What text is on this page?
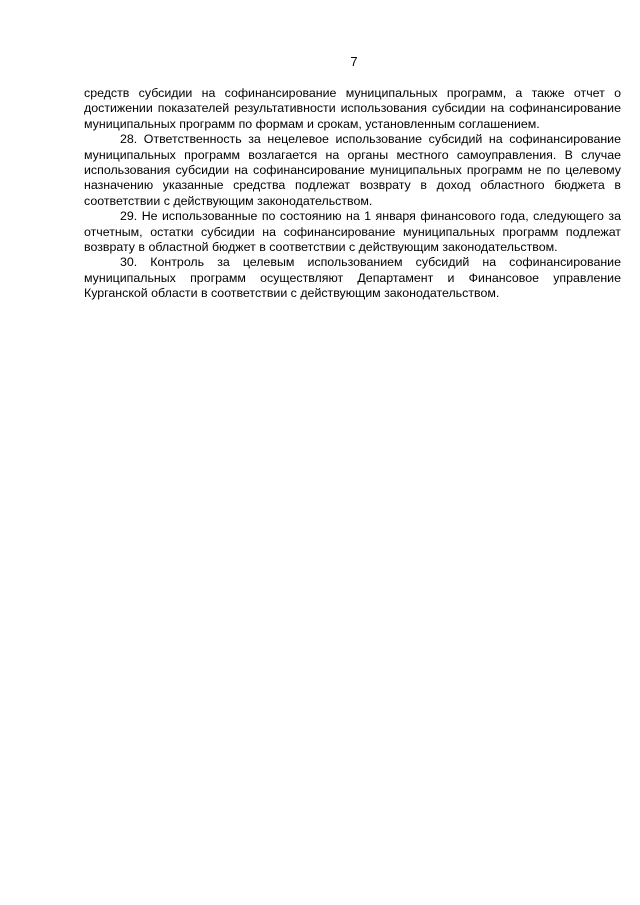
7

средств субсидии на софинансирование муниципальных программ, а также отчет о достижении показателей результативности использования субсидии на софинансирование муниципальных программ по формам и срокам, установленным соглашением.

28. Ответственность за нецелевое использование субсидий на софинансирование муниципальных программ возлагается на органы местного самоуправления. В случае использования субсидии на софинансирование муниципальных программ не по целевому назначению указанные средства подлежат возврату в доход областного бюджета в соответствии с действующим законодательством.

29. Не использованные по состоянию на 1 января финансового года, следующего за отчетным, остатки субсидии на софинансирование муниципальных программ подлежат возврату в областной бюджет в соответствии с действующим законодательством.

30. Контроль за целевым использованием субсидий на софинансирование муниципальных программ осуществляют Департамент и Финансовое управление Курганской области в соответствии с действующим законодательством.
